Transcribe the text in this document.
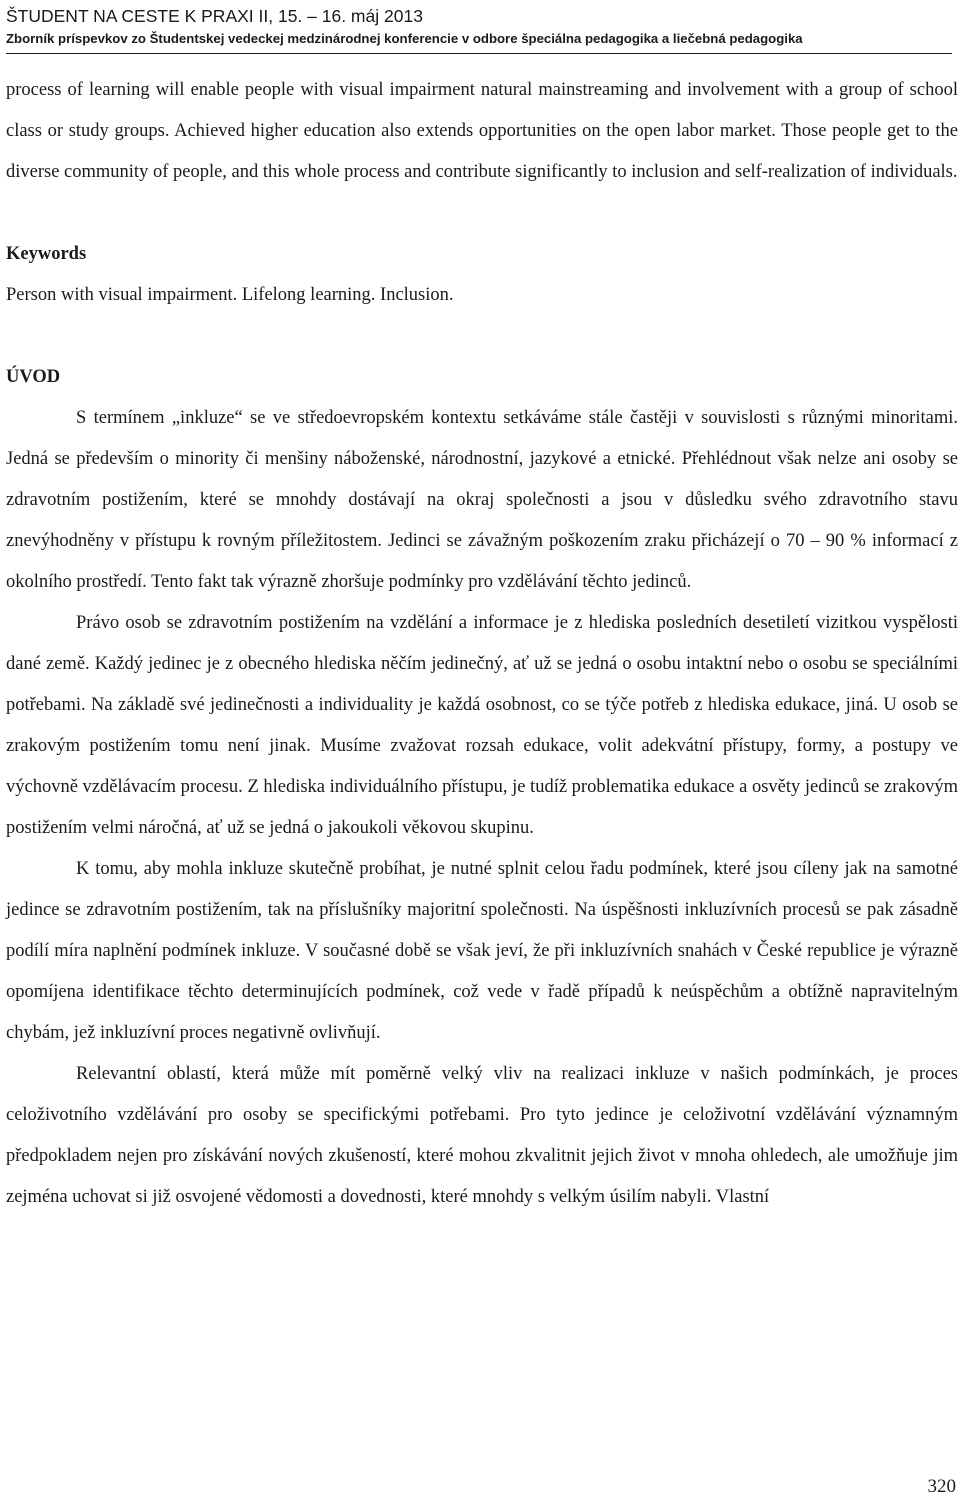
ŠTUDENT NA CESTE K PRAXI II, 15. – 16. máj 2013
Zborník príspevkov zo Študentskej vedeckej medzinárodnej konferencie v odbore špeciálna pedagogika a liečebná pedagogika

process of learning will enable people with visual impairment natural mainstreaming and involvement with a group of school class or study groups. Achieved higher education also extends opportunities on the open labor market. Those people get to the diverse community of people, and this whole process and contribute significantly to inclusion and self-realization of individuals.

Keywords

Person with visual impairment. Lifelong learning. Inclusion.

ÚVOD

S termínem „inkluze“ se ve středoevropském kontextu setkáváme stále častěji v souvislosti s různými minoritami. Jedná se především o minority či menšiny náboženské, národnostní, jazykové a etnické. Přehlédnout však nelze ani osoby se zdravotním postižením, které se mnohdy dostávají na okraj společnosti a jsou v důsledku svého zdravotního stavu znevýhodněny v přístupu k rovným příležitostem. Jedinci se závažným poškozením zraku přicházejí o 70 – 90 % informací z okolního prostředí. Tento fakt tak výrazně zhoršuje podmínky pro vzdělávání těchto jedinců.

Právo osob se zdravotním postižením na vzdělání a informace je z hlediska posledních desetiletí vizitkou vyspělosti dané země. Každý jedinec je z obecného hlediska něčím jedinečný, ať už se jedná o osobu intaktní nebo o osobu se speciálními potřebami. Na základě své jedinečnosti a individuality je každá osobnost, co se týče potřeb z hlediska edukace, jiná. U osob se zrakovým postižením tomu není jinak. Musíme zvažovat rozsah edukace, volit adekvátní přístupy, formy, a postupy ve výchovně vzdělávacím procesu. Z hlediska individuálního přístupu, je tudíž problematika edukace a osvěty jedinců se zrakovým postižením velmi náročná, ať už se jedná o jakoukoli věkovou skupinu.

K tomu, aby mohla inkluze skutečně probíhat, je nutné splnit celou řadu podmínek, které jsou cíleny jak na samotné jedince se zdravotním postižením, tak na příslušníky majoritní společnosti. Na úspěšnosti inkluzívních procesů se pak zásadně podílí míra naplnění podmínek inkluze. V současné době se však jeví, že při inkluzívních snahách v České republice je výrazně opomíjena identifikace těchto determinujících podmínek, což vede v řadě případů k neúspěchům a obtížně napravitelným chybám, jež inkluzívní proces negativně ovlivňují.

Relevantní oblastí, která může mít poměrně velký vliv na realizaci inkluze v našich podmínkách, je proces celoživotního vzdělávání pro osoby se specifickými potřebami. Pro tyto jedince je celoživotní vzdělávání významným předpokladem nejen pro získávání nových zkušeností, které mohou zkvalitnit jejich život v mnoha ohledech, ale umožňuje jim zejména uchovat si již osvojené vědomosti a dovednosti, které mnohdy s velkým úsilím nabyli. Vlastní

320
